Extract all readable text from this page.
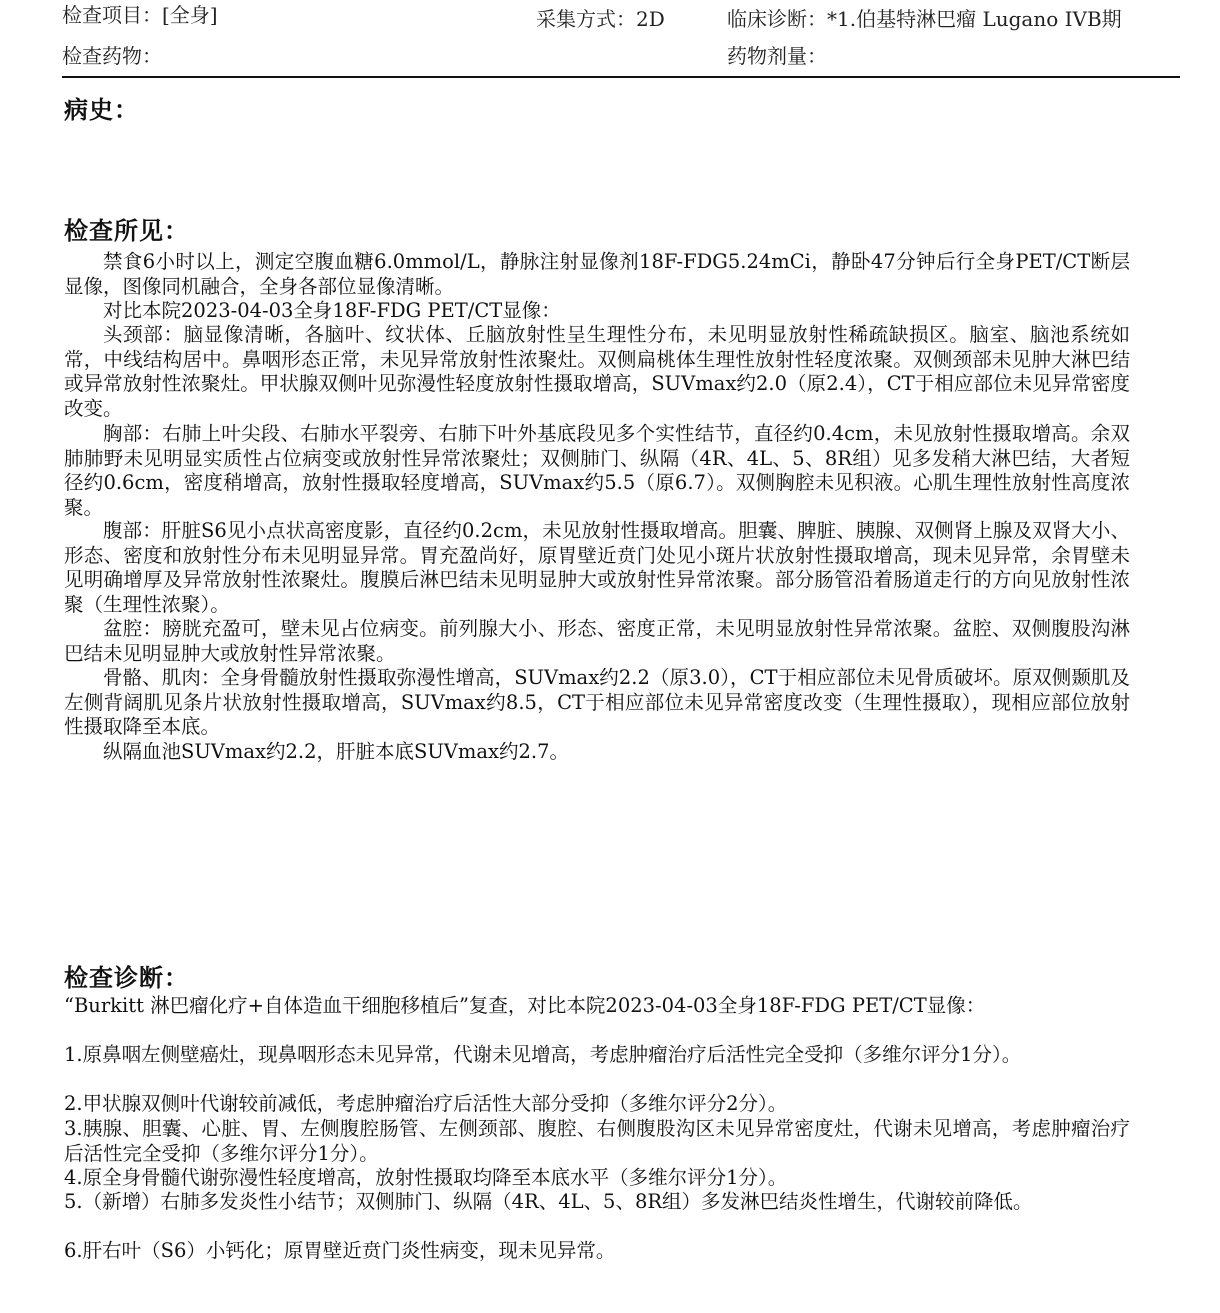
检查项目：[全身]	采集方式：2D	临床诊断：*1.伯基特淋巴瘤 Lugano IVB期
检查药物：	药物剂量：
病史：
检查所见：

禁食6小时以上，测定空腹血糖6.0mmol/L，静脉注射显像剂18F-FDG5.24mCi，静卧47分钟后行全身PET/CT断层显像，图像同机融合，全身各部位显像清晰。

对比本院2023-04-03全身18F-FDG PET/CT显像：

头颈部：脑显像清晰，各脑叶、纹状体、丘脑放射性呈生理性分布，未见明显放射性稀疏缺损区。脑室、脑池系统如常，中线结构居中。鼻咽形态正常，未见异常放射性浓聚灶。双侧扁桃体生理性放射性轻度浓聚。双侧颈部未见肿大淋巴结或异常放射性浓聚灶。甲状腺双侧叶见弥漫性轻度放射性摄取增高，SUVmax约2.0（原2.4），CT于相应部位未见异常密度改变。

胸部：右肺上叶尖段、右肺水平裂旁、右肺下叶外基底段见多个实性结节，直径约0.4cm，未见放射性摄取增高。余双肺肺野未见明显实质性占位病变或放射性异常浓聚灶；双侧肺门、纵隔（4R、4L、5、8R组）见多发稍大淋巴结，大者短径约0.6cm，密度稍增高，放射性摄取轻度增高，SUVmax约5.5（原6.7）。双侧胸腔未见积液。心肌生理性放射性高度浓聚。

腹部：肝脏S6见小点状高密度影，直径约0.2cm，未见放射性摄取增高。胆囊、脾脏、胰腺、双侧肾上腺及双肾大小、形态、密度和放射性分布未见明显异常。胃充盈尚好，原胃壁近贲门处见小斑片状放射性摄取增高，现未见异常，余胃壁未见明确增厚及异常放射性浓聚灶。腹膜后淋巴结未见明显肿大或放射性异常浓聚。部分肠管沿着肠道走行的方向见放射性浓聚（生理性浓聚）。

盆腔：膀胱充盈可，壁未见占位病变。前列腺大小、形态、密度正常，未见明显放射性异常浓聚。盆腔、双侧腹股沟淋巴结未见明显肿大或放射性异常浓聚。

骨骼、肌肉：全身骨髓放射性摄取弥漫性增高，SUVmax约2.2（原3.0），CT于相应部位未见骨质破坏。原双侧颞肌及左侧背阔肌见条片状放射性摄取增高，SUVmax约8.5，CT于相应部位未见异常密度改变（生理性摄取），现相应部位放射性摄取降至本底。

纵隔血池SUVmax约2.2，肝脏本底SUVmax约2.7。

检查诊断：

“Burkitt 淋巴瘤化疗+自体造血干细胞移植后”复查，对比本院2023-04-03全身18F-FDG PET/CT显像：

1.原鼻咽左侧壁癌灶，现鼻咽形态未见异常，代谢未见增高，考虑肿瘤治疗后活性完全受抑（多维尔评分1分）。

2.甲状腺双侧叶代谢较前减低，考虑肿瘤治疗后活性大部分受抑（多维尔评分2分）。

3.胰腺、胆囊、心脏、胃、左侧腹腔肠管、左侧颈部、腹腔、右侧腹股沟区未见异常密度灶，代谢未见增高，考虑肿瘤治疗后活性完全受抑（多维尔评分1分）。

4.原全身骨髓代谢弥漫性轻度增高，放射性摄取均降至本底水平（多维尔评分1分）。

5.（新增）右肺多发炎性小结节；双侧肺门、纵隔（4R、4L、5、8R组）多发淋巴结炎性增生，代谢较前降低。

6.肝右叶（S6）小钙化；原胃壁近贲门炎性病变，现未见异常。
